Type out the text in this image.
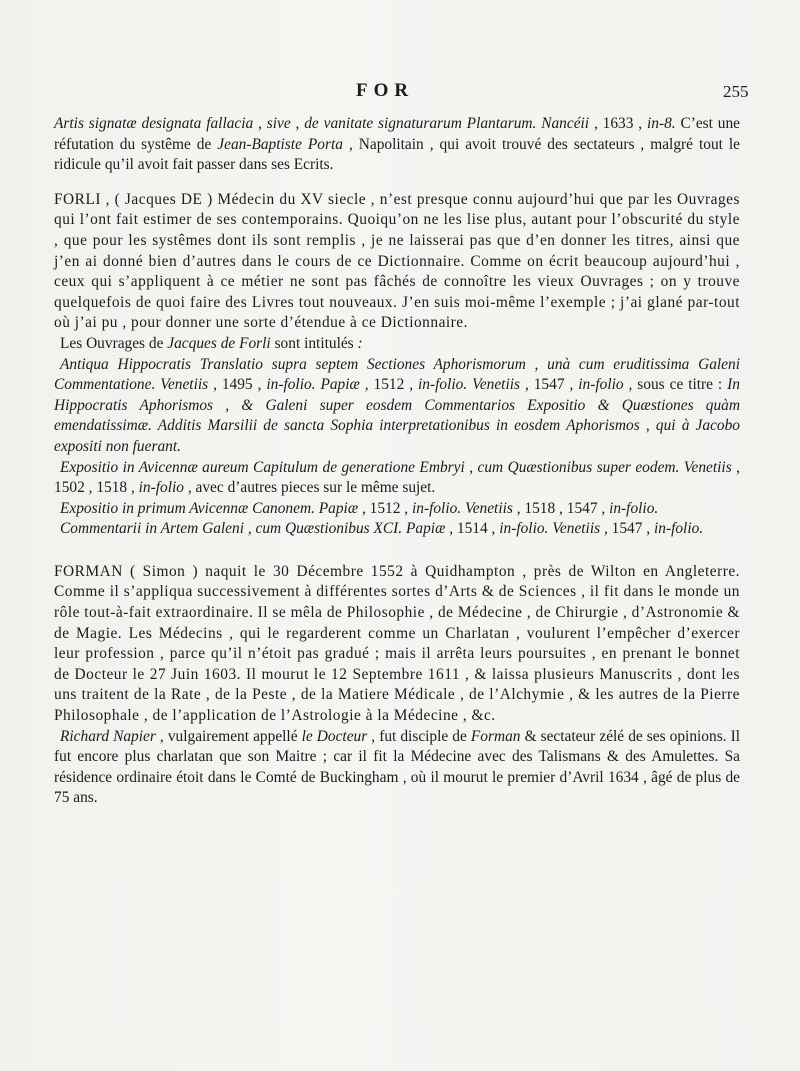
FOR	255

Artis signatæ designata fallacia , sive , de vanitate signaturarum Plantarum. Nancéii , 1633 , in-8. C’est une réfutation du systême de Jean-Baptiste Porta , Napolitain , qui avoit trouvé des sectateurs , malgré tout le ridicule qu’il avoit fait passer dans ses Ecrits.

FORLI , ( Jacques DE ) Médecin du XV siecle , n’est presque connu aujourd’hui que par les Ouvrages qui l’ont fait estimer de ses contemporains. Quoiqu’on ne les lise plus, autant pour l’obscurité du style , que pour les systêmes dont ils sont remplis , je ne laisserai pas que d’en donner les titres, ainsi que j’en ai donné bien d’autres dans le cours de ce Dictionnaire. Comme on écrit beaucoup aujourd’hui , ceux qui s’appliquent à ce métier ne sont pas fâchés de connoître les vieux Ouvrages ; on y trouve quelquefois de quoi faire des Livres tout nouveaux. J’en suis moi-même l’exemple ; j’ai glané par-tout où j’ai pu , pour donner une sorte d’étendue à ce Dictionnaire.

Les Ouvrages de Jacques de Forli sont intitulés :

Antiqua Hippocratis Translatio supra septem Sectiones Aphorismorum , unà cum eruditissima Galeni Commentatione. Venetiis , 1495 , in-folio. Papiæ , 1512 , in-folio. Venetiis , 1547 , in-folio , sous ce titre : In Hippocratis Aphorismos , & Galeni super eosdem Commentarios Expositio & Quæstiones quàm emendatissimæ. Additis Marsilii de sancta Sophia interpretationibus in eosdem Aphorismos , qui à Jacobo expositi non fuerant.

Expositio in Avicennæ aureum Capitulum de generatione Embryi , cum Quæstionibus super eodem. Venetiis , 1502 , 1518 , in-folio , avec d’autres pieces sur le même sujet.

Expositio in primum Avicennæ Canonem. Papiæ , 1512 , in-folio. Venetiis , 1518 , 1547 , in-folio.

Commentarii in Artem Galeni , cum Quæstionibus XCI. Papiæ , 1514 , in-folio. Venetiis , 1547 , in-folio.

FORMAN ( Simon ) naquit le 30 Décembre 1552 à Quidhampton , près de Wilton en Angleterre. Comme il s’appliqua successivement à différentes sortes d’Arts & de Sciences , il fit dans le monde un rôle tout-à-fait extraordinaire. Il se mêla de Philosophie , de Médecine , de Chirurgie , d’Astronomie & de Magie. Les Médecins , qui le regarderent comme un Charlatan , voulurent l’empêcher d’exercer leur profession , parce qu’il n’étoit pas gradué ; mais il arrêta leurs poursuites , en prenant le bonnet de Docteur le 27 Juin 1603. Il mourut le 12 Septembre 1611 , & laissa plusieurs Manuscrits , dont les uns traitent de la Rate , de la Peste , de la Matiere Médicale , de l’Alchymie , & les autres de la Pierre Philosophale , de l’application de l’Astrologie à la Médecine , &c.

Richard Napier , vulgairement appellé le Docteur , fut disciple de Forman & sectateur zélé de ses opinions. Il fut encore plus charlatan que son Maitre ; car il fit la Médecine avec des Talismans & des Amulettes. Sa résidence ordinaire étoit dans le Comté de Buckingham , où il mourut le premier d’Avril 1634 , âgé de plus de 75 ans.
